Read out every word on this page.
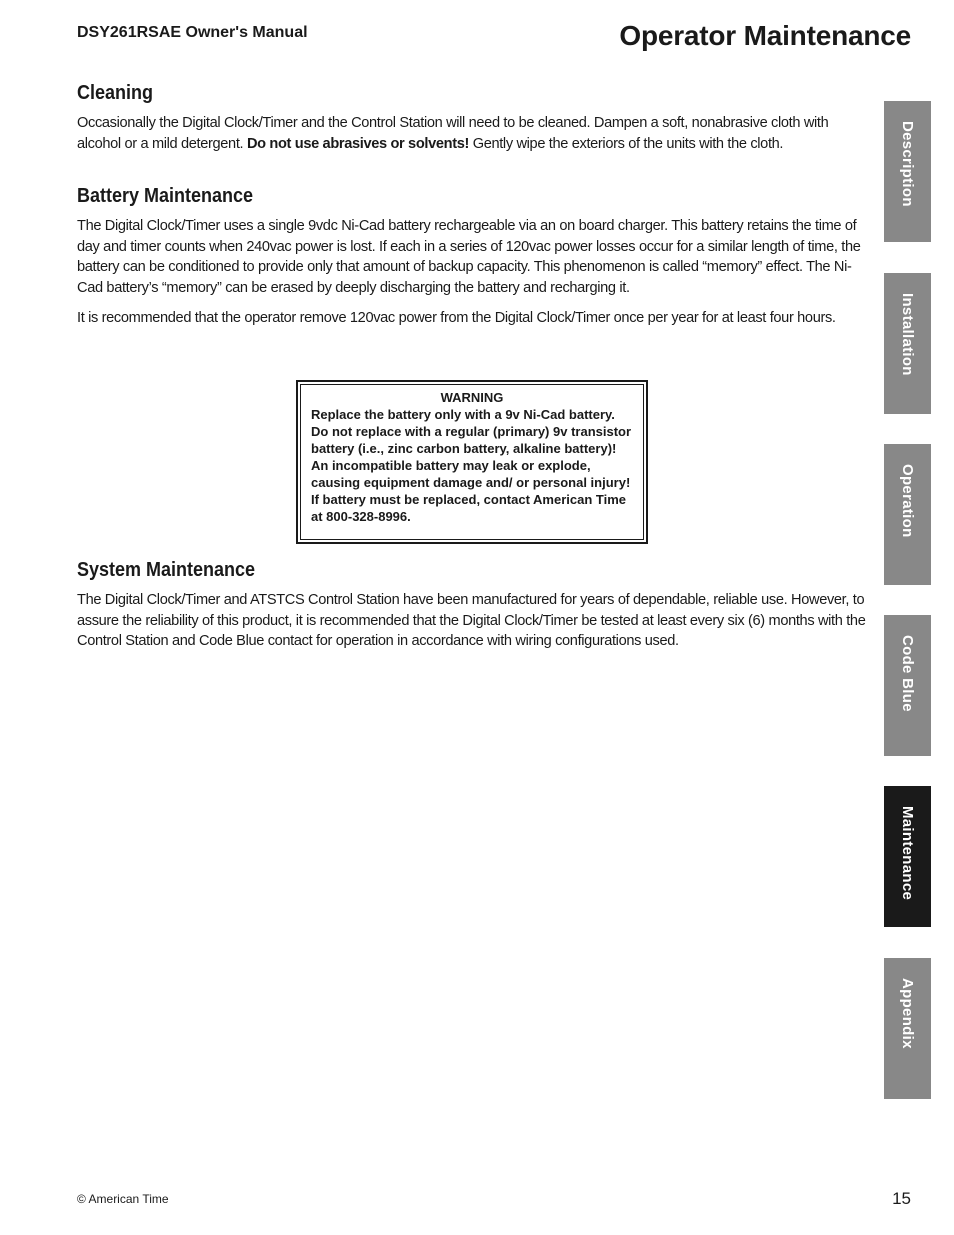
DSY261RSAE Owner's Manual	Operator Maintenance
Cleaning

Occasionally the Digital Clock/Timer and the Control Station will need to be cleaned. Dampen a soft, nonabrasive cloth with alcohol or a mild detergent. Do not use abrasives or solvents! Gently wipe the exteriors of the units with the cloth.

Battery Maintenance

The Digital Clock/Timer uses a single 9vdc Ni-Cad battery rechargeable via an on board charger. This battery retains the time of day and timer counts when 240vac power is lost. If each in a series of 120vac power losses occur for a similar length of time, the battery can be conditioned to provide only that amount of backup capacity. This phenomenon is called “memory” effect. The Ni-Cad battery’s “memory” can be erased by deeply discharging the battery and recharging it.

It is recommended that the operator remove 120vac power from the Digital Clock/Timer once per year for at least four hours.

WARNING
Replace the battery only with a 9v Ni-Cad battery. Do not replace with a regular (primary) 9v transistor battery (i.e., zinc carbon battery, alkaline battery)! An incompatible battery may leak or explode, causing equipment damage and/ or personal injury! If battery must be replaced, contact American Time at 800-328-8996.
System Maintenance

The Digital Clock/Timer and ATSTCS Control Station have been manufactured for years of dependable, reliable use. However, to assure the reliability of this product, it is recommended that the Digital Clock/Timer be tested at least every six (6) months with the Control Station and Code Blue contact for operation in accordance with wiring configurations used.

Description
Installation
Operation
Code Blue
Maintenance
Appendix
© American Time	15
